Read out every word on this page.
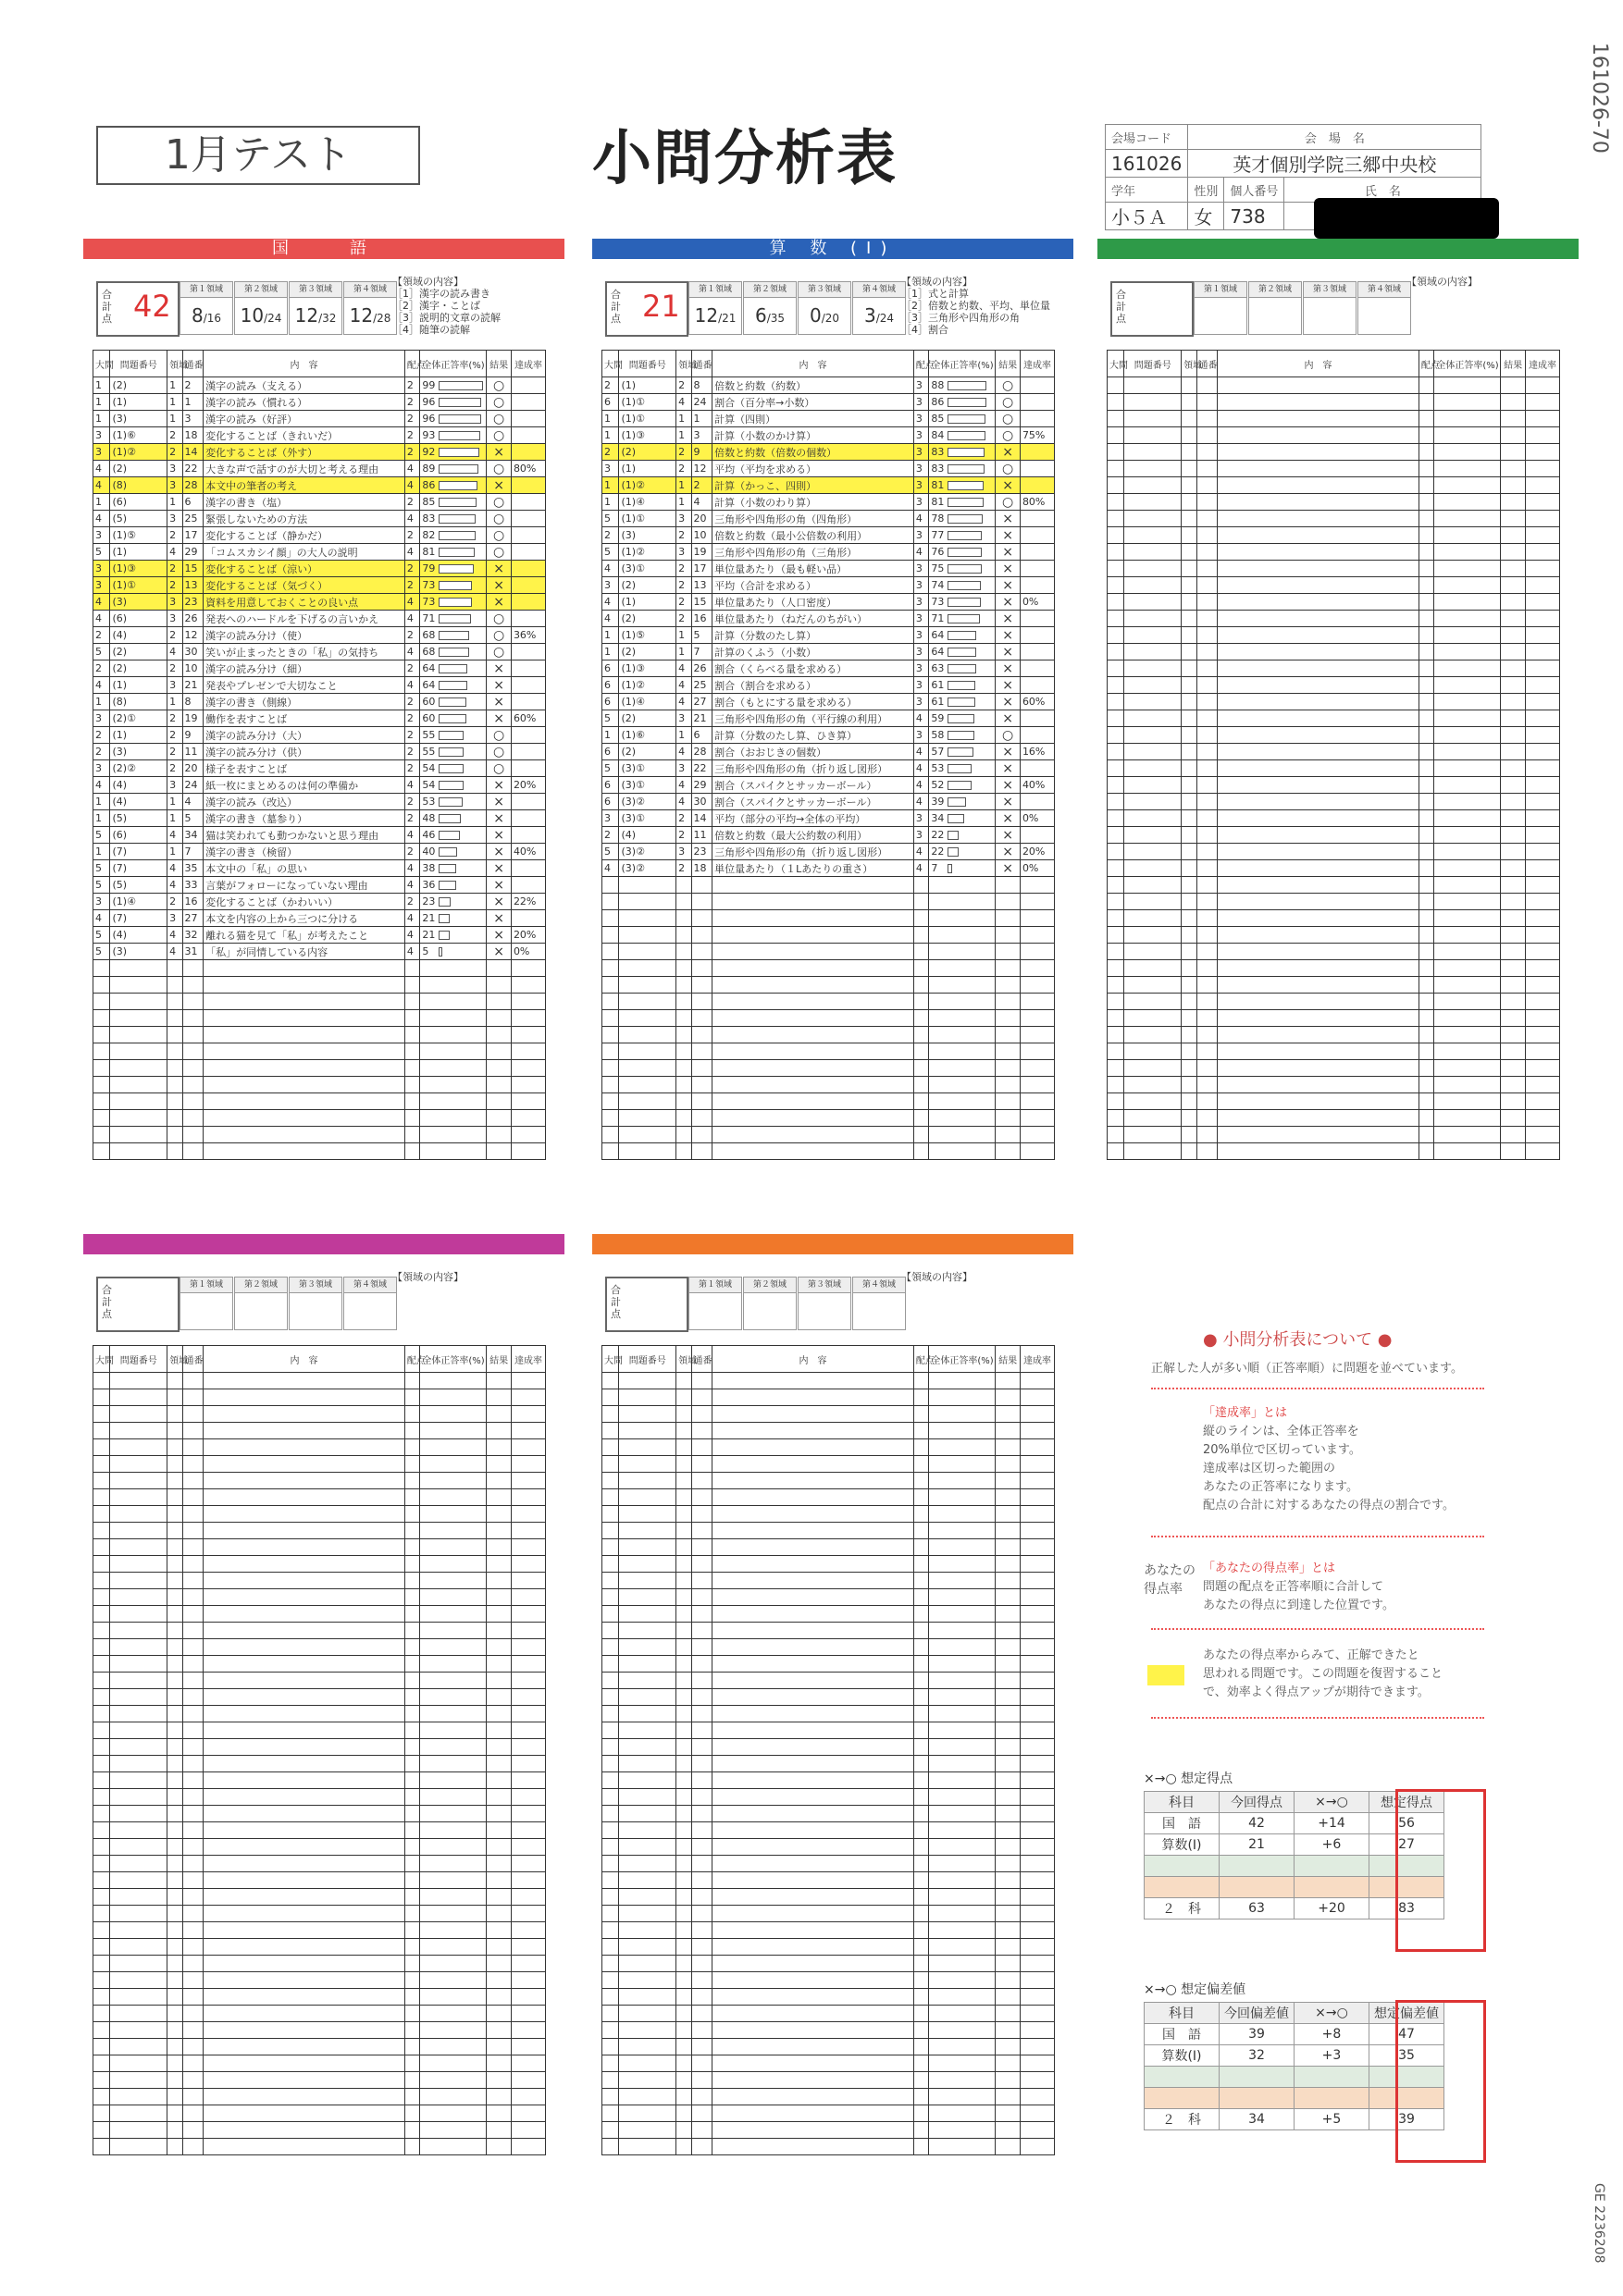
1月テスト	小問分析表
161026-70
GE 2236208
会場コード	会　場　名		
161026	英才個別学院三郷中央校		
学年	性別	個人番号	氏　名
小５Ａ	女	738	
国　　語	算 数 (Ⅰ)
合計点 42	第１領域
8/16
第２領域
10/24
第３領域
12/32
第４領域
12/28
【領域の内容】
［1］漢字の読み書き
［2］漢字・ことば
［3］説明的文章の読解
［4］随筆の読解
合計点 21	第１領域
12/21
第２領域
6/35
第３領域
0/20
第４領域
3/24
【領域の内容】
［1］式と計算
［2］倍数と約数、平均、単位量
［3］三角形や四角形の角
［4］割合
合計点
第１領域	第２領域	第３領域	第４領域
【領域の内容】
合計点
第１領域	第２領域	第３領域	第４領域
【領域の内容】
合計点
第１領域	第２領域	第３領域	第４領域
【領域の内容】
大問	問題番号	領域	通番	内　容	配点	全体正答率(%)	結果	達成率
1	(2)	1	2	漢字の読み（支える）	2	99	○	
1	(1)	1	1	漢字の読み（慣れる）	2	96	○	
1	(3)	1	3	漢字の読み（好評）	2	96	○	
3	(1)⑥	2	18	変化することば（きれいだ）	2	93	○	
3	(1)②	2	14	変化することば（外す）	2	92	×	
4	(2)	3	22	大きな声で話すのが大切と考える理由	4	89	○	80%
4	(8)	3	28	本文中の筆者の考え	4	86	×	
1	(6)	1	6	漢字の書き（塩）	2	85	○	
4	(5)	3	25	緊張しないための方法	4	83	○	
3	(1)⑤	2	17	変化することば（静かだ）	2	82	○	
5	(1)	4	29	「コムスカシイ顔」の大人の説明	4	81	○	
3	(1)③	2	15	変化することば（涼い）	2	79	×	
3	(1)①	2	13	変化することば（気づく）	2	73	×	
4	(3)	3	23	資料を用意しておくことの良い点	4	73	×	
4	(6)	3	26	発表へのハードルを下げるの言いかえ	4	71	○	
2	(4)	2	12	漢字の読み分け（使）	2	68	○	36%
5	(2)	4	30	笑いが止まったときの「私」の気持ち	4	68	○	
2	(2)	2	10	漢字の読み分け（細）	2	64	×	
4	(1)	3	21	発表やプレゼンで大切なこと	4	64	×	
1	(8)	1	8	漢字の書き（側線）	2	60	×	
3	(2)①	2	19	働作を表すことば	2	60	×	60%
2	(1)	2	9	漢字の読み分け（大）	2	55	○	
2	(3)	2	11	漢字の読み分け（供）	2	55	○	
3	(2)②	2	20	様子を表すことば	2	54	○	
4	(4)	3	24	紙一枚にまとめるのは何の準備か	4	54	×	20%
1	(4)	1	4	漢字の読み（改込）	2	53	×	
1	(5)	1	5	漢字の書き（墓参り）	2	48	×	
5	(6)	4	34	猫は笑われても動つかないと思う理由	4	46	×	
1	(7)	1	7	漢字の書き（検留）	2	40	×	40%
5	(7)	4	35	本文中の「私」の思い	4	38	×	
5	(5)	4	33	言葉がフォローになっていない理由	4	36	×	
3	(1)④	2	16	変化することば（かわいい）	2	23	×	22%
4	(7)	3	27	本文を内容の上から三つに分ける	4	21	×	
5	(4)	4	32	離れる猫を見て「私」が考えたこと	4	21	×	20%
5	(3)	4	31	「私」が同情している内容	4	5	×	0%

大問	問題番号	領域	通番	内　容	配点	全体正答率(%)	結果	達成率
2	(1)	2	8	倍数と約数（約数）	3	88	○	
6	(1)①	4	24	割合（百分率→小数）	3	86	○	
1	(1)①	1	1	計算（四則）	3	85	○	
1	(1)③	1	3	計算（小数のかけ算）	3	84	○	75%
2	(2)	2	9	倍数と約数（倍数の個数）	3	83	×	
3	(1)	2	12	平均（平均を求める）	3	83	○	
1	(1)②	1	2	計算（かっこ、四則）	3	81	×	
1	(1)④	1	4	計算（小数のわり算）	3	81	○	80%
5	(1)①	3	20	三角形や四角形の角（四角形）	4	78	×	
2	(3)	2	10	倍数と約数（最小公倍数の利用）	3	77	×	
5	(1)②	3	19	三角形や四角形の角（三角形）	4	76	×	
4	(3)①	2	17	単位量あたり（最も軽い品）	3	75	×	
3	(2)	2	13	平均（合計を求める）	3	74	×	
4	(1)	2	15	単位量あたり（人口密度）	3	73	×	0%
4	(2)	2	16	単位量あたり（ねだんのちがい）	3	71	×	
1	(1)⑤	1	5	計算（分数のたし算）	3	64	×	
1	(2)	1	7	計算のくふう（小数）	3	64	×	
6	(1)③	4	26	割合（くらべる量を求める）	3	63	×	
6	(1)②	4	25	割合（割合を求める）	3	61	×	
6	(1)④	4	27	割合（もとにする量を求める）	3	61	×	60%
5	(2)	3	21	三角形や四角形の角（平行線の利用）	4	59	×	
1	(1)⑥	1	6	計算（分数のたし算、ひき算）	3	58	○	
6	(2)	4	28	割合（おおじきの個数）	4	57	×	16%
5	(3)①	3	22	三角形や四角形の角（折り返し図形）	4	53	×	
6	(3)①	4	29	割合（スパイクとサッカーボール）	4	52	×	40%
6	(3)②	4	30	割合（スパイクとサッカーボール）	4	39	×	
3	(3)①	2	14	平均（部分の平均→全体の平均）	3	34	×	0%
2	(4)	2	11	倍数と約数（最大公約数の利用）	3	22	×	
5	(3)②	3	23	三角形や四角形の角（折り返し図形）	4	22	×	20%
4	(3)②	2	18	単位量あたり（１Lあたりの重さ）	4	7	×	0%

大問	問題番号	領域	通番	内　容	配点	全体正答率(%)	結果	達成率

大問	問題番号	領域	通番	内　容	配点	全体正答率(%)	結果	達成率

									大問	問題番号	領域	通番	内　容	配点	全体正答率(%)	結果	達成率

● 小問分析表について ●
正解した人が多い順（正答率順）に問題を並べています。
「達成率」とは
縦のラインは、全体正答率を
20%単位で区切っています。
達成率は区切った範囲の
あなたの正答率になります。
配点の合計に対するあなたの得点の割合です。
あなたの得点率
「あなたの得点率」とは
問題の配点を正答率順に合計して
あなたの得点に到達した位置です。
あなたの得点率からみて、正解できたと
思われる問題です。この問題を復習すること
で、効率よく得点アップが期待できます。
×→○ 想定得点
科目	今回得点	×→○	想定得点
国　語	42	+14	56
算数(Ⅰ)	21	+6	27

２　科	63	+20	83
×→○ 想定偏差値
科目	今回偏差値	×→○	想定偏差値
国　語	39	+8	47
算数(Ⅰ)	32	+3	35

２　科	34	+5	39
